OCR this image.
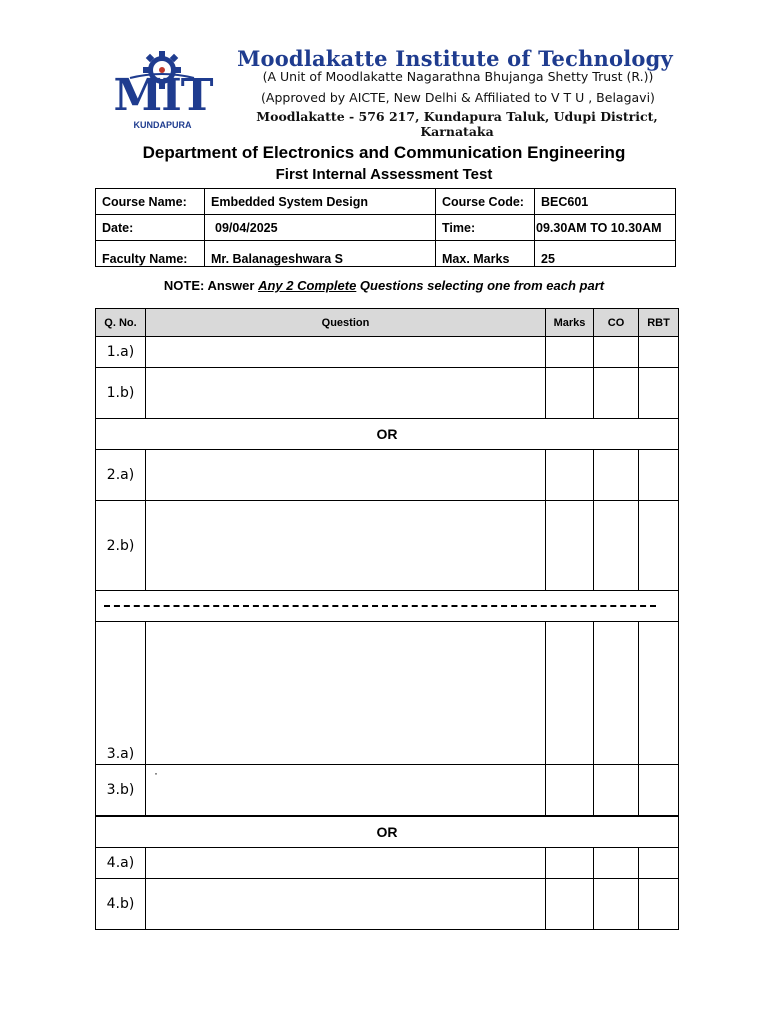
MIT
KUNDAPURA
Moodlakatte Institute of Technology
(A Unit of Moodlakatte Nagarathna Bhujanga Shetty Trust (R.))
(Approved by AICTE, New Delhi & Affiliated to V T U , Belagavi)
Moodlakatte - 576 217, Kundapura Taluk, Udupi District, Karnataka
Department of Electronics and Communication Engineering
First Internal Assessment Test
Course Name:	Embedded System Design	Course Code:	BEC601
Date:	09/04/2025	Time:	09.30AM TO 10.30AM
Faculty Name:	Mr. Balanageshwara S	Max. Marks	25
NOTE: Answer Any 2 Complete Questions selecting one from each part
Q. No.	Question	Marks	CO	RBT
1.a)				
1.b)				
OR				
2.a)				
2.b)				

3.a)				
3.b)	·			
OR				
4.a)				
4.b)				
